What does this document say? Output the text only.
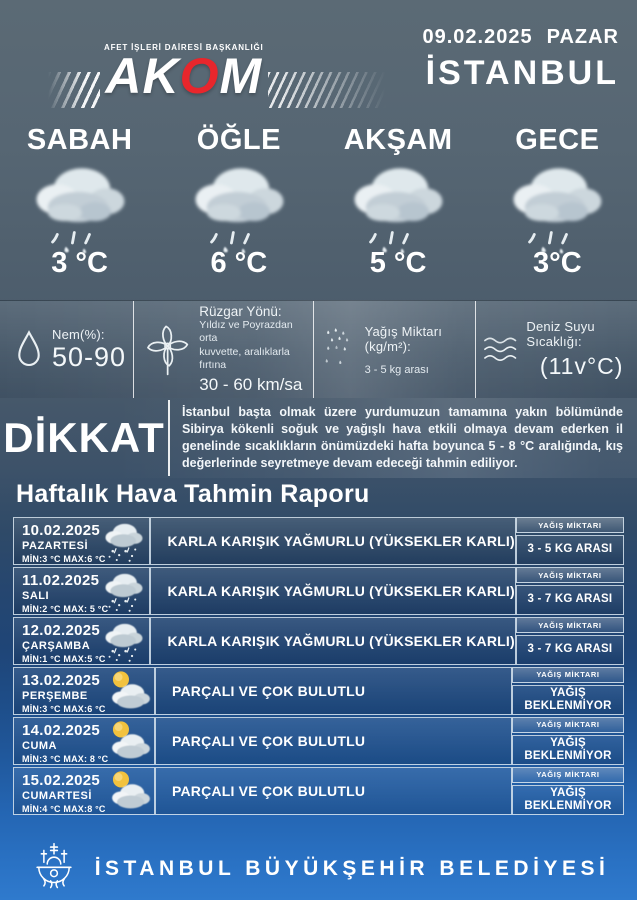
AFET İŞLERİ DAİRESİ BAŞKANLIĞI
AKOM
09.02.2025 PAZAR
İSTANBUL
SABAH
3 °C
ÖĞLE
6 °C
AKŞAM
5 °C
GECE
3°C
Nem(%):
50-90
Rüzgar Yönü:
Yıldız ve Poyrazdan orta
kuvvette, aralıklarla fırtına
30 - 60 km/sa
Yağış Miktarı (kg/m²):
3 - 5 kg arası
Deniz Suyu Sıcaklığı:
(11v°C)
DİKKAT

İstanbul başta olmak üzere yurdumuzun tamamına yakın bölümünde Sibirya kökenli soğuk ve yağışlı hava etkili olmaya devam ederken il genelinde sıcaklıkların önümüzdeki hafta boyunca 5 - 8 °C aralığında, kış değerlerinde seyretmeye devam edeceği tahmin ediliyor.

Haftalık Hava Tahmin Raporu
10.02.2025
PAZARTESİ
MİN:3 °C MAX:6 °C
KARLA KARIŞIK YAĞMURLU (YÜKSEKLER KARLI)
YAĞIŞ MİKTARI
3 - 5 KG ARASI
11.02.2025
SALI
MİN:2 °C MAX: 5 °C
KARLA KARIŞIK YAĞMURLU (YÜKSEKLER KARLI)
YAĞIŞ MİKTARI
3 - 7 KG ARASI
12.02.2025
ÇARŞAMBA
MİN:1 °C MAX:5 °C
KARLA KARIŞIK YAĞMURLU (YÜKSEKLER KARLI)
YAĞIŞ MİKTARI
3 - 7 KG ARASI
13.02.2025
PERŞEMBE
MİN:3 °C MAX:6 °C
PARÇALI VE ÇOK BULUTLU
YAĞIŞ MİKTARI
YAĞIŞ BEKLENMİYOR
14.02.2025
CUMA
MİN:3 °C MAX: 8 °C
PARÇALI VE ÇOK BULUTLU
YAĞIŞ MİKTARI
YAĞIŞ BEKLENMİYOR
15.02.2025
CUMARTESİ
MİN:4 °C MAX:8 °C
PARÇALI VE ÇOK BULUTLU
YAĞIŞ MİKTARI
YAĞIŞ BEKLENMİYOR
İSTANBUL BÜYÜKŞEHİR BELEDİYESİ
